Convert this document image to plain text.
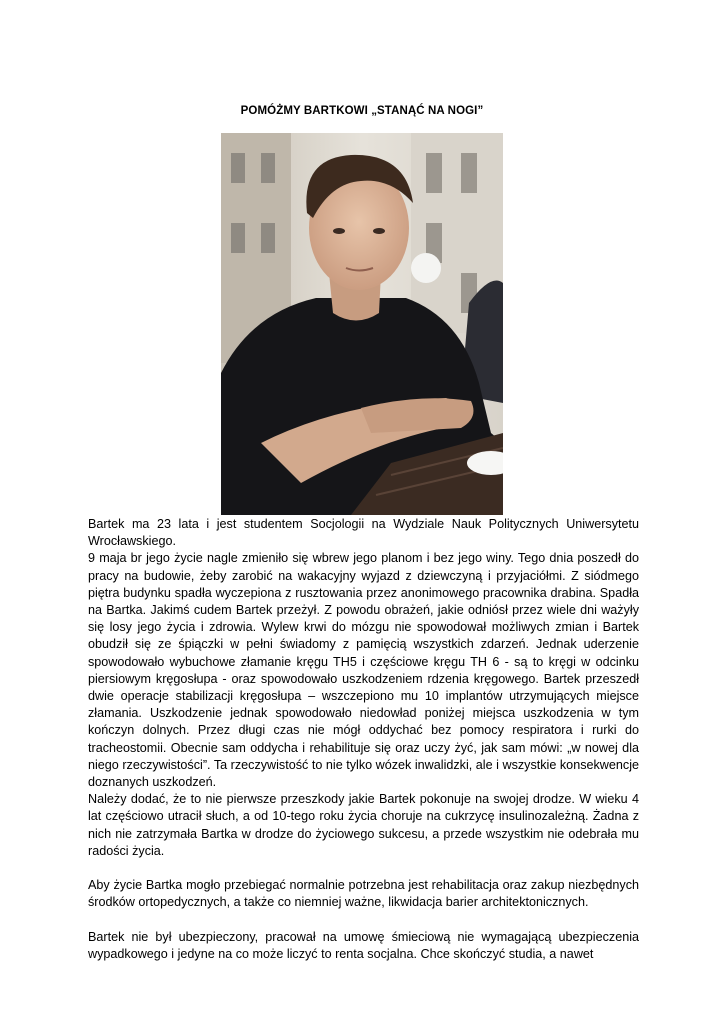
POMÓŻMY BARTKOWI „STANĄĆ NA NOGI”

Bartek ma 23 lata i jest studentem Socjologii na Wydziale Nauk Politycznych Uniwersytetu Wrocławskiego.

9 maja br jego życie nagle zmieniło się wbrew jego planom i bez jego winy. Tego dnia poszedł do pracy na budowie, żeby zarobić na wakacyjny wyjazd z dziewczyną i przyjaciółmi. Z siódmego piętra budynku spadła wyczepiona z rusztowania przez anonimowego pracownika drabina. Spadła na Bartka. Jakimś cudem Bartek przeżył. Z powodu obrażeń, jakie odniósł przez wiele dni ważyły się losy jego życia i zdrowia. Wylew krwi do mózgu nie spowodował możliwych zmian i Bartek obudził się ze śpiączki w pełni świadomy z pamięcią wszystkich zdarzeń. Jednak uderzenie spowodowało wybuchowe złamanie kręgu TH5 i częściowe kręgu TH 6 - są to kręgi w odcinku piersiowym kręgosłupa - oraz spowodowało uszkodzeniem rdzenia kręgowego. Bartek przeszedł dwie operacje stabilizacji kręgosłupa – wszczepiono mu 10 implantów utrzymujących miejsce złamania. Uszkodzenie jednak spowodowało niedowład poniżej miejsca uszkodzenia w tym kończyn dolnych. Przez długi czas nie mógł oddychać bez pomocy respiratora i rurki do tracheostomii. Obecnie sam oddycha i rehabilituje się oraz uczy żyć, jak sam mówi: „w nowej dla niego rzeczywistości”. Ta rzeczywistość to nie tylko wózek inwalidzki, ale i wszystkie konsekwencje doznanych uszkodzeń.

Należy dodać, że to nie pierwsze przeszkody jakie Bartek pokonuje na swojej drodze. W wieku 4 lat częściowo utracił słuch, a od 10-tego roku życia choruje na cukrzycę insulinozależną. Żadna z nich nie zatrzymała Bartka w drodze do życiowego sukcesu, a przede wszystkim nie odebrała mu radości życia.

Aby życie Bartka mogło przebiegać normalnie potrzebna jest rehabilitacja oraz zakup niezbędnych środków ortopedycznych, a także co niemniej ważne, likwidacja barier architektonicznych.

Bartek nie był ubezpieczony, pracował na umowę śmieciową nie wymagającą ubezpieczenia wypadkowego i jedyne na co może liczyć to renta socjalna. Chce skończyć studia, a nawet
